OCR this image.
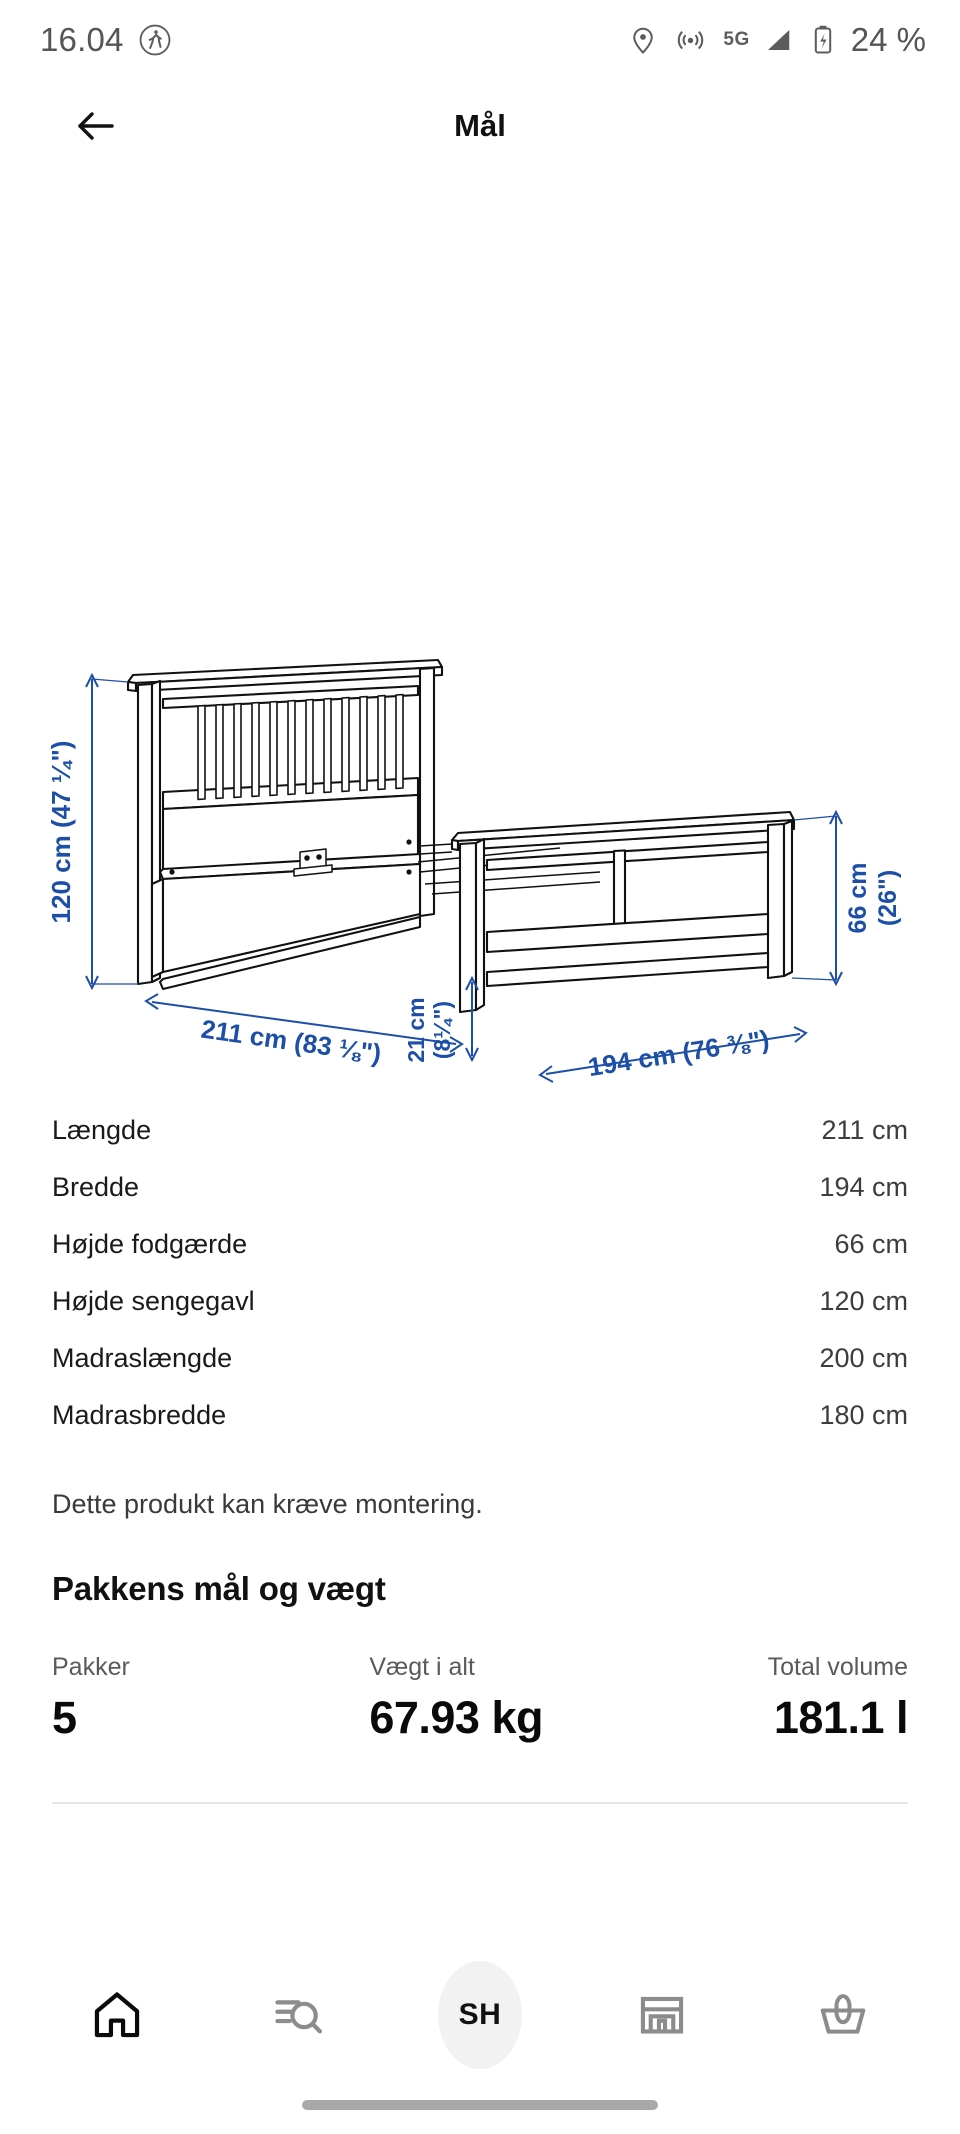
16.04	5G	24 %
Mål
120 cm (47 ¼")
211 cm (83 ⅛") 21 cm (8¼")	194 cm (76 ⅜")
66 cm (26")
Længde	211 cm
Bredde	194 cm
Højde fodgærde	66 cm
Højde sengegavl	120 cm
Madraslængde	200 cm
Madrasbredde	180 cm
Dette produkt kan kræve montering.
Pakkens mål og vægt
Pakker
5
Vægt i alt
67.93 kg
Total volume
181.1 l
SH
